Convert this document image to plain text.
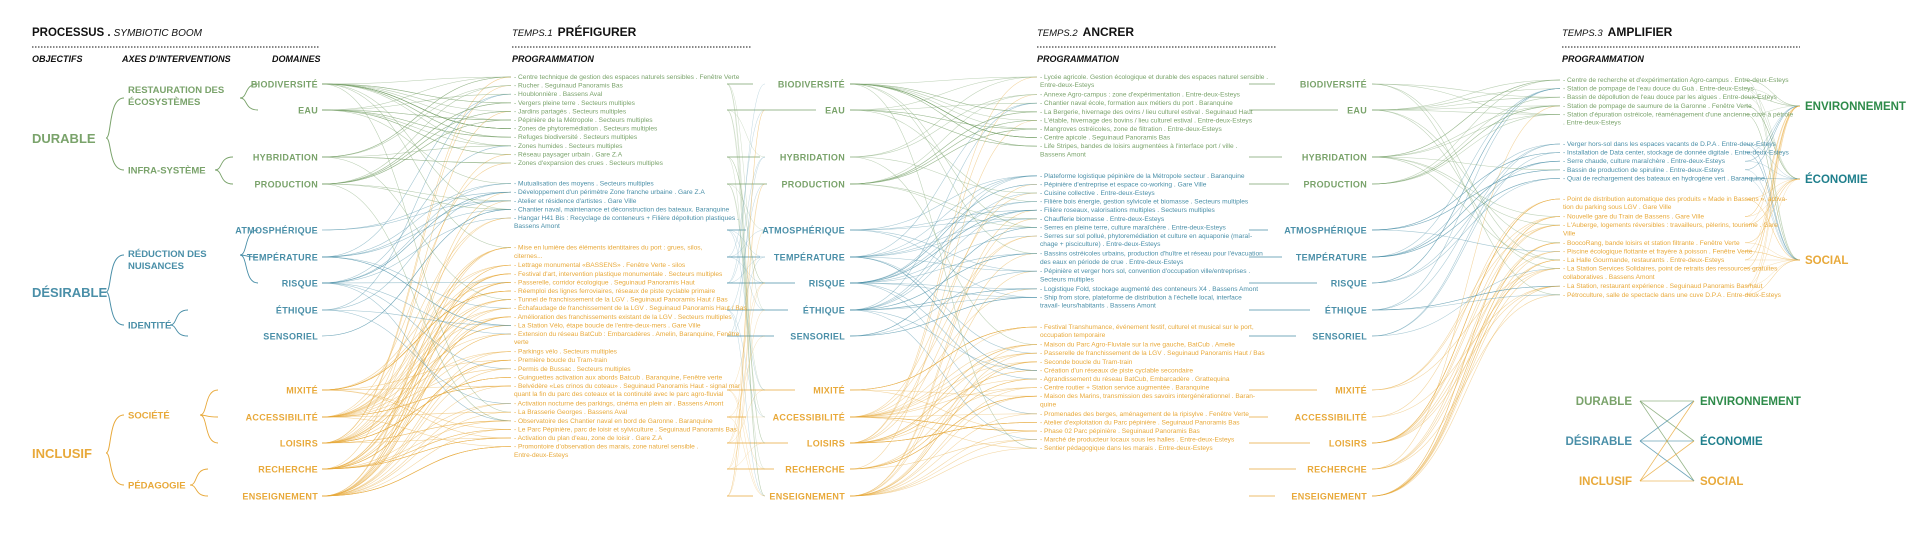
PROCESSUS . SYMBIOTIC BOOM
OBJECTIFS	AXES D'INTERVENTIONS	DOMAINES
TEMPS.1 PRÉFIGURER
PROGRAMMATION
TEMPS.2 ANCRER
PROGRAMMATION
TEMPS.3 AMPLIFIER
PROGRAMMATION
DURABLE
DÉSIRABLE
INCLUSIF
RESTAURATION DES ÉCOSYSTÈMES
INFRA-SYSTÈME
RÉDUCTION DES NUISANCES
IDENTITÉ
SOCIÉTÉ
PÉDAGOGIE
BIODIVERSITÉ
EAU
HYBRIDATION
PRODUCTION
ATMOSPHÉRIQUE
TEMPÉRATURE
RISQUE
ÉTHIQUE
SENSORIEL
MIXITÉ
ACCESSIBILITÉ
LOISIRS
RECHERCHE
ENSEIGNEMENT
BIODIVERSITÉ
EAU
HYBRIDATION
PRODUCTION
ATMOSPHÉRIQUE
TEMPÉRATURE
RISQUE
ÉTHIQUE
SENSORIEL
MIXITÉ
ACCESSIBILITÉ
LOISIRS
RECHERCHE
ENSEIGNEMENT
BIODIVERSITÉ
EAU
HYBRIDATION
PRODUCTION
ATMOSPHÉRIQUE
TEMPÉRATURE
RISQUE
ÉTHIQUE
SENSORIEL
MIXITÉ
ACCESSIBILITÉ
LOISIRS
RECHERCHE
ENSEIGNEMENT
- Centre technique de gestion des espaces naturels sensibles . Fenêtre Verte
- Rucher . Seguinaud Panoramis Bas
- Houblonnière . Bassens Aval
- Vergers pleine terre . Secteurs multiples
- Jardins partagés . Secteurs multiples
- Pépinière de la Métropole . Secteurs multiples
- Zones de phytoremédiation . Secteurs multiples
- Refuges biodiversité . Secteurs multiples
- Zones humides . Secteurs multiples
- Réseau paysager urbain . Gare Z.A
- Zones d'expansion des crues . Secteurs multiples
- Mutualisation des moyens . Secteurs multiples
- Développement d'un périmètre Zone franche urbaine . Gare Z.A
- Atelier et résidence d'artistes . Gare Ville
- Chantier naval, maintenance et déconstruction des bateaux. Baranquine
- Hangar H41 Bis : Recyclage de conteneurs + Filière dépollution plastiques . Bassens Amont
- Mise en lumière des éléments identitaires du port : grues, silos, citernes...
- Lettrage monumental «BASSENS» . Fenêtre Verte - silos
- Festival d'art, intervention plastique monumentale . Secteurs multiples
- Passerelle, corridor écologique . Seguinaud Panoramis Haut
- Réemploi des lignes ferroviaires, réseaux de piste cyclable primaire
- Tunnel de franchissement de la LGV . Seguinaud Panoramis Haut / Bas
- Échafaudage de franchissement de la LGV . Seguinaud Panoramis Haut / Bas
- Amélioration des franchissements existant de la LGV . Secteurs multiples
- La Station Vélo, étape boucle de l'entre-deux-mers . Gare Ville
- Extension du réseau BatCub : Embarcadères . Amelin, Baranquine, Fenêtre verte
- Parkings vélo . Secteurs multiples
- Première boucle du Tram-train
- Permis de Bussac . Secteurs multiples
- Guinguettes activation aux abords Batcub . Baranquine, Fenêtre verte
- Belvédère «Les crinos du coteau» . Seguinaud Panoramis Haut - signal mar quant la fin du parc des coteaux et la continuité avec le parc agro-fluvial
- Activation nocturne des parkings, cinéma en plein air . Bassens Amont
- La Brasserie Georges . Bassens Aval
- Observatoire des Chantier naval en bord de Garonne . Baranquine
- Le Parc Pépinière, parc de loisir et sylviculture . Seguinaud Panoramis Bas
- Activation du plan d'eau, zone de loisir . Gare Z.A
- Promontoire d'observation des marais, zone naturel sensible . Entre-deux-Esteys
- Lycée agricole. Gestion écologique et durable des espaces naturel sensible . Entre-deux-Esteys
- Annexe Agro-campus : zone d'expérimentation . Entre-deux-Esteys
- Chantier naval école, formation aux métiers du port . Baranquine
- La Bergerie, hivernage des ovins / lieu culturel estival . Seguinaud Haut
- L'étable, hivernage des bovins / lieu culturel estival . Entre-deux-Esteys
- Mangroves ostréicoles, zone de filtration . Entre-deux-Esteys
- Centre apicole . Seguinaud Panoramis Bas
- Life Stripes, bandes de loisirs augmentées à l'interface port / ville . Bassens Amont
- Plateforme logistique pépinière de la Métropole secteur . Baranquine
- Pépinière d'entreprise et espace co-working . Gare Ville
- Cuisine collective . Entre-deux-Esteys
- Filière bois énergie, gestion sylvicole et biomasse . Secteurs multiples
- Filière roseaux, valorisations multiples . Secteurs multiples
- Chaufferie biomasse . Entre-deux-Esteys
- Serres en pleine terre, culture maraîchère . Entre-deux-Esteys
- Serres sur sol pollué, phytoremédiation et culture en aquaponie (maraî-chage + pisciculture) . Entre-deux-Esteys
- Bassins ostréicoles urbains, production d'huître et réseau pour l'évacuation des eaux en période de crue . Entre-deux-Esteys
- Pépinière et verger hors sol, convention d'occupation ville/entreprises . Secteurs multiples
- Logistique Fold, stockage augmenté des conteneurs X4 . Bassens Amont
- Ship from store, plateforme de distribution à l'échelle local, interface travail- leurs/habitants . Bassens Amont
- Festival Transhumance, événement festif, culturel et musical sur le port, occupation temporaire
- Maison du Parc Agro-Fluviale sur la rive gauche, BatCub . Amelie
- Passerelle de franchissement de la LGV . Seguinaud Panoramis Haut / Bas
- Seconde boucle du Tram-train
- Création d'un réseaux de piste cyclable secondaire
- Agrandissement du réseau BatCub, Embarcadère . Grattequina
- Centre routier + Station service augmentée . Baranquine
- Maison des Marins, transmission des savoirs intergénérationnel . Baran-quine
- Promenades des berges, aménagement de la ripisylve . Fenêtre Verte
- Atelier d'exploitation du Parc pépinière . Seguinaud Panoramis Bas
- Phase 02 Parc pépinière . Seguinaud Panoramis Bas
- Marché de producteur locaux sous les halles . Entre-deux-Esteys
- Sentier pédagogique dans les marais . Entre-deux-Esteys
- Centre de recherche et d'expérimentation Agro-campus . Entre-deux-Esteys
- Station de pompage de l'eau douce du Guà . Entre-deux-Esteys
- Bassin de dépollution de l'eau douce par les algues . Entre-deux-Esteys
- Station de pompage de saumure de la Garonne . Fenêtre Verte
- Station d'épuration ostréicole, réaménagement d'une ancienne cuve à pétrole . Entre-deux-Esteys
- Verger hors-sol dans les espaces vacants de D.P.A . Entre-deux-Esteys
- Installation de Data center, stockage de donnée digitale . Entre-deux-Esteys
- Serre chaude, culture maraîchère . Entre-deux-Esteys
- Bassin de production de spiruline . Entre-deux-Esteys
- Quai de rechargement des bateaux en hydrogène vert . Baranquine
- Point de distribution automatique des produits « Made in Bassens », activa-tion du parking sous LGV . Gare Ville
- Nouvelle gare du Train de Bassens . Gare Ville
- L'Auberge, logements réversibles : travailleurs, pèlerins, tourisme . Gare Ville
- BoocoRang, bande loisirs et station filtrante . Fenêtre Verte
- Piscine écologique flottante et frayère à poisson . Fenêtre Verte
- La Halle Gourmande, restaurants . Entre-deux-Esteys
- La Station Services Solidaires, point de retraits des ressources gratuites collaboratives . Bassens Amont
- La Station, restaurant expérience . Seguinaud Panoramis Bas/haut
- Pétroculture, salle de spectacle dans une cuve D.P.A . Entre-deux-Esteys
ENVIRONNEMENT
ÉCONOMIE
SOCIAL
DURABLE
DÉSIRABLE
INCLUSIF
ENVIRONNEMENT
ÉCONOMIE
SOCIAL
